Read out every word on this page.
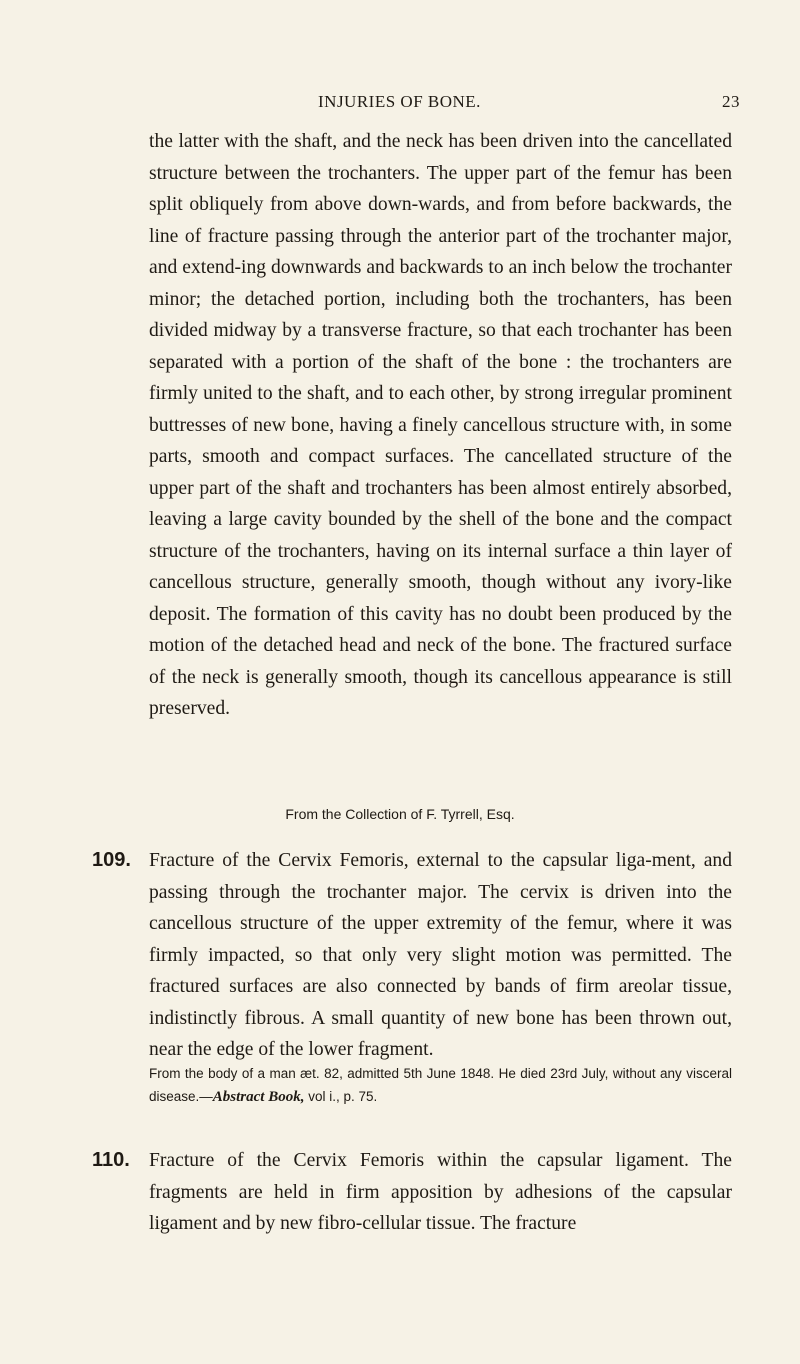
INJURIES OF BONE.	23

the latter with the shaft, and the neck has been driven into the cancellated structure between the trochanters. The upper part of the femur has been split obliquely from above down-wards, and from before backwards, the line of fracture passing through the anterior part of the trochanter major, and extend-ing downwards and backwards to an inch below the trochanter minor; the detached portion, including both the trochanters, has been divided midway by a transverse fracture, so that each trochanter has been separated with a portion of the shaft of the bone : the trochanters are firmly united to the shaft, and to each other, by strong irregular prominent buttresses of new bone, having a finely cancellous structure with, in some parts, smooth and compact surfaces. The cancellated structure of the upper part of the shaft and trochanters has been almost entirely absorbed, leaving a large cavity bounded by the shell of the bone and the compact structure of the trochanters, having on its internal surface a thin layer of cancellous structure, generally smooth, though without any ivory-like deposit. The formation of this cavity has no doubt been produced by the motion of the detached head and neck of the bone. The fractured surface of the neck is generally smooth, though its cancellous appearance is still preserved.

From the Collection of F. Tyrrell, Esq.

109. Fracture of the Cervix Femoris, external to the capsular liga-ment, and passing through the trochanter major. The cervix is driven into the cancellous structure of the upper extremity of the femur, where it was firmly impacted, so that only very slight motion was permitted. The fractured surfaces are also connected by bands of firm areolar tissue, indistinctly fibrous. A small quantity of new bone has been thrown out, near the edge of the lower fragment.

From the body of a man æt. 82, admitted 5th June 1848. He died 23rd July, without any visceral disease.—Abstract Book, vol i., p. 75.

110. Fracture of the Cervix Femoris within the capsular ligament. The fragments are held in firm apposition by adhesions of the capsular ligament and by new fibro-cellular tissue. The fracture
